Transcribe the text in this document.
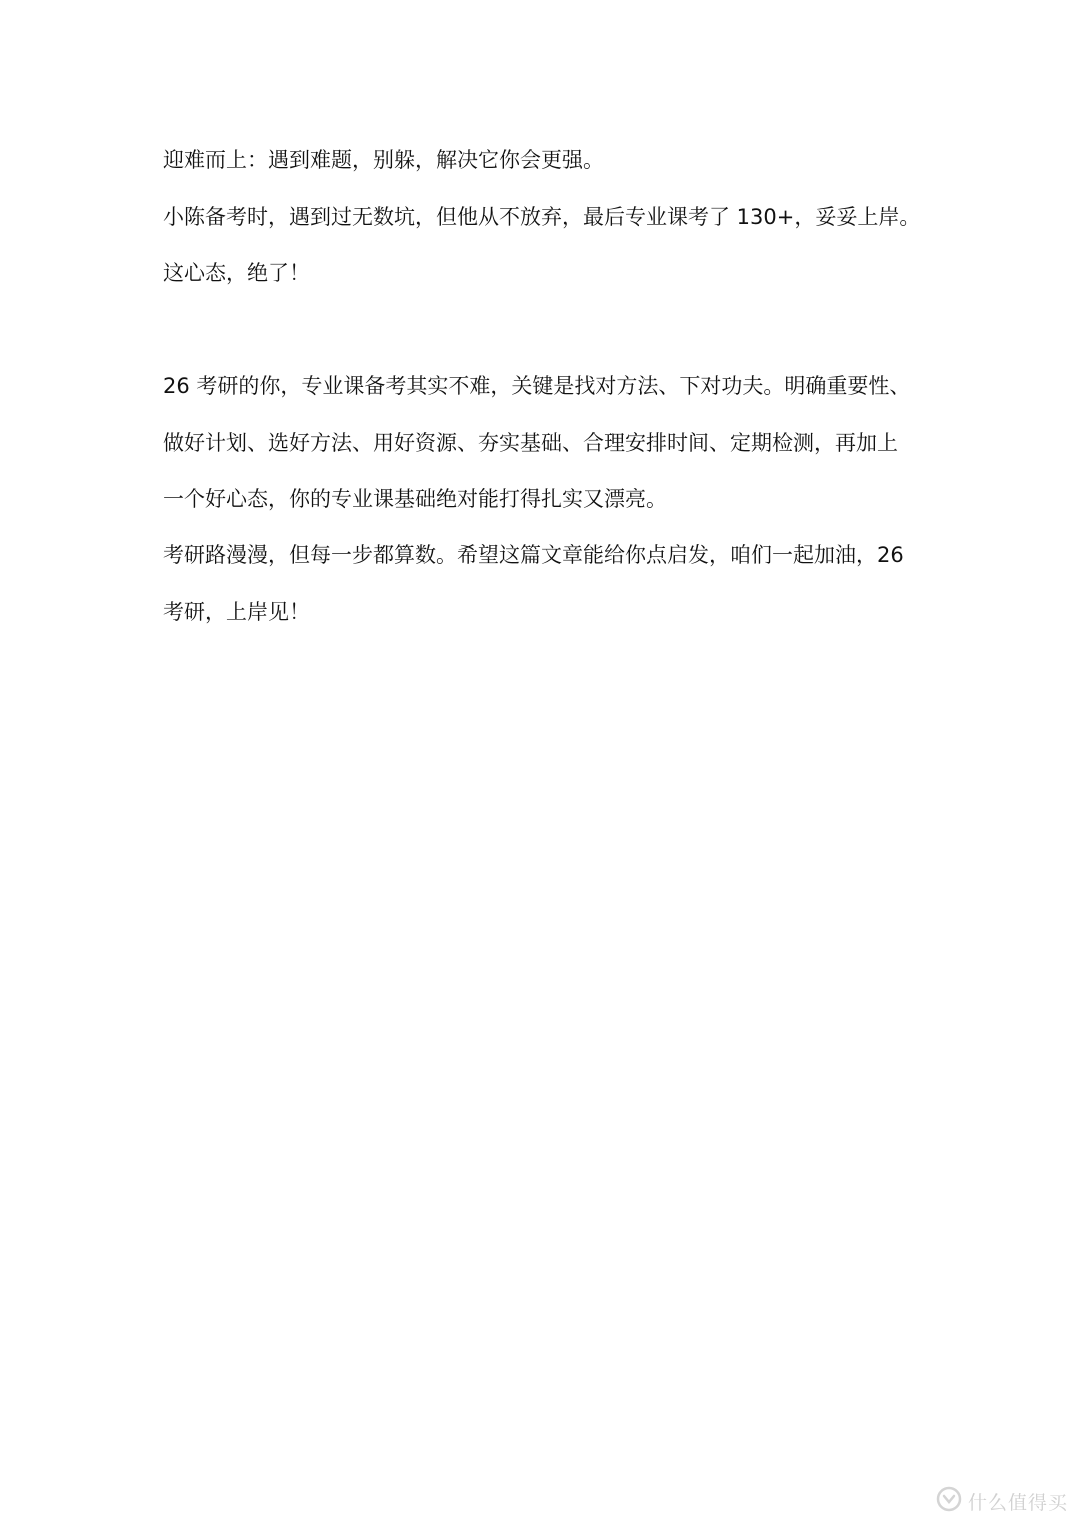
迎难而上：遇到难题，别躲，解决它你会更强。
小陈备考时，遇到过无数坑，但他从不放弃，最后专业课考了 130+，妥妥上岸。
这心态，绝了！
26 考研的你，专业课备考其实不难，关键是找对方法、下对功夫。明确重要性、
做好计划、选好方法、用好资源、夯实基础、合理安排时间、定期检测，再加上
一个好心态，你的专业课基础绝对能打得扎实又漂亮。
考研路漫漫，但每一步都算数。希望这篇文章能给你点启发，咱们一起加油，26
考研，上岸见！
什么值得买
